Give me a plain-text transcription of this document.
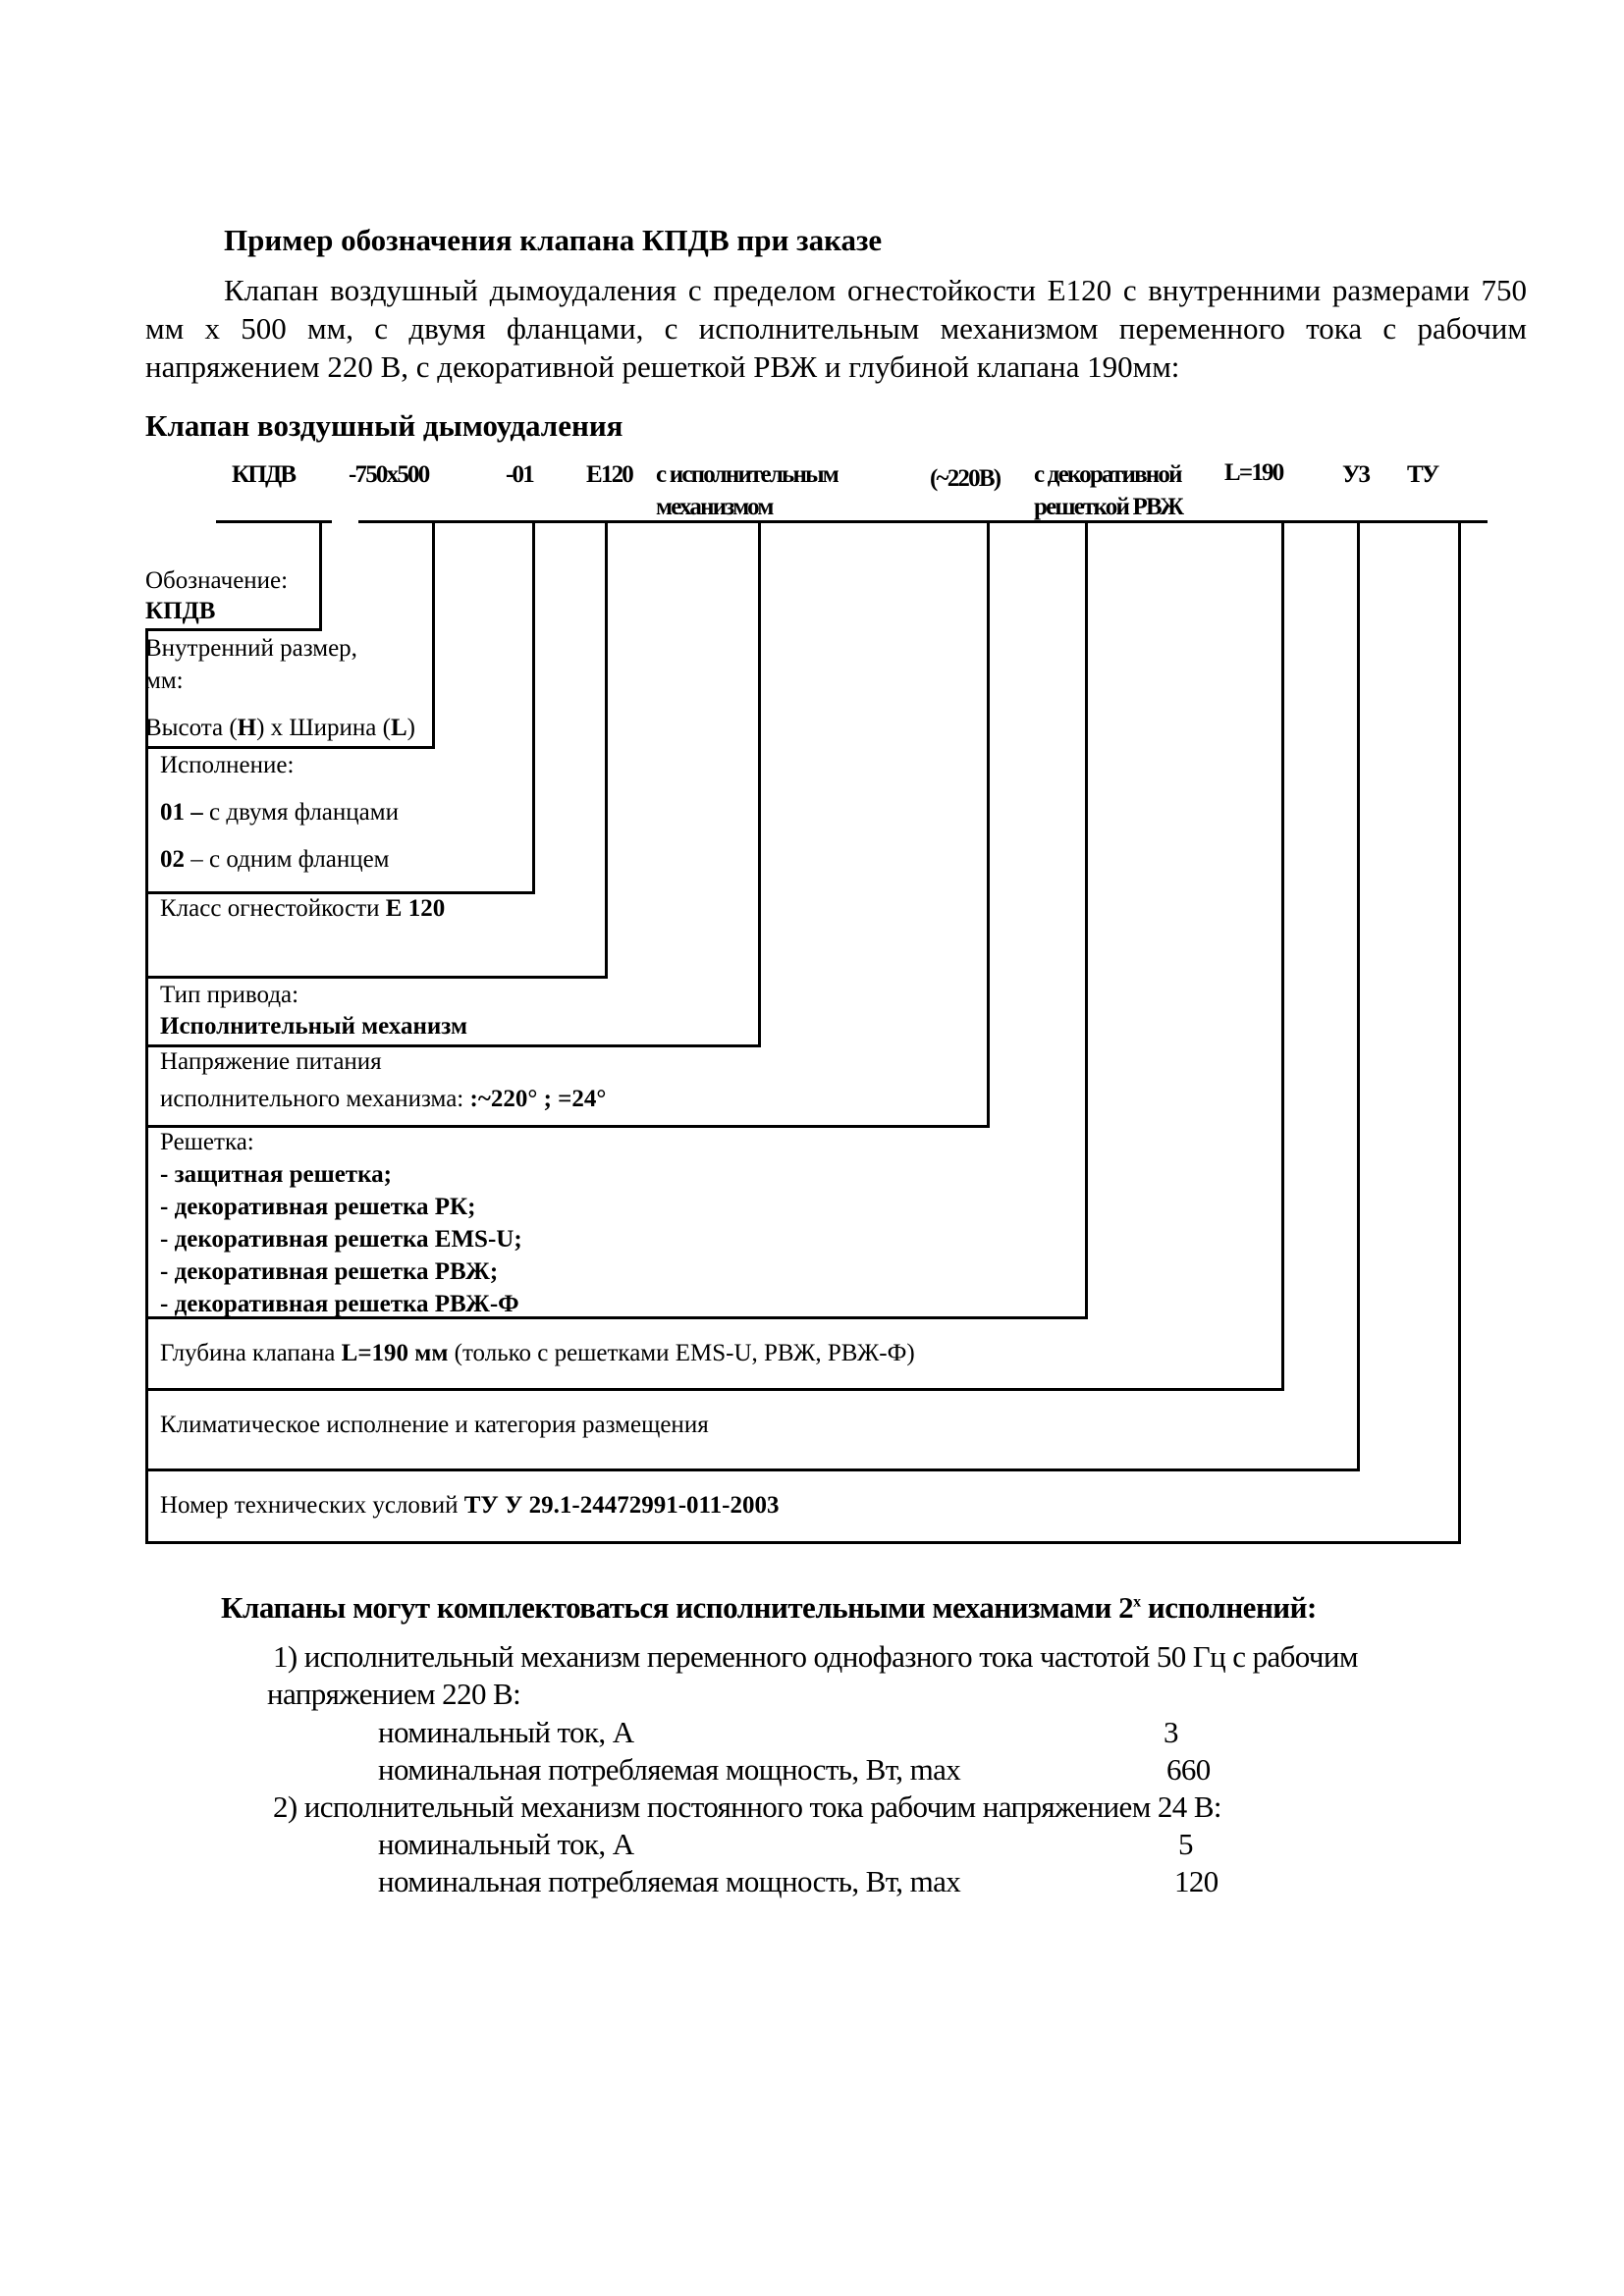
Пример обозначения клапана КПДВ при заказе
Клапан воздушный дымоудаления с пределом огнестойкости Е120 с внутренними размерами 750 мм х 500 мм, с двумя фланцами, с исполнительным механизмом переменного тока с рабочим напряжением 220 В, с декоративной решеткой РВЖ и глубиной клапана 190мм:
Клапан воздушный дымоудаления
КПДВ -750x500	-01 Е120 с исполнительным
механизмом
(~220В) с декоративной
решеткой РВЖ
L=190 У3 ТУ
Обозначение:
КПДВ
Внутренний размер,
мм:
Высота (Н) х Ширина (L)
Исполнение:
01 – с двумя фланцами
02 – с одним фланцем
Класс огнестойкости Е 120
Тип привода:
Исполнительный механизм
Напряжение питания
исполнительного механизма: :~220° ; =24°
Решетка:
- защитная решетка;
- декоративная решетка РК;
- декоративная решетка EMS-U;
- декоративная решетка РВЖ;
- декоративная решетка РВЖ-Ф
Глубина клапана L=190 мм (только с решетками EMS-U, РВЖ, РВЖ-Ф)
Климатическое исполнение и категория размещения
Номер технических условий ТУ У 29.1-24472991-011-2003
Клапаны могут комплектоваться исполнительными механизмами $2^х$ исполнений:
1) исполнительный механизм переменного однофазного тока частотой 50 Гц с рабочим
напряжением 220 В:
номинальный ток, А	3
номинальная потребляемая мощность, Вт, max	660
2) исполнительный механизм постоянного тока рабочим напряжением 24 В:
номинальный ток, А	5
номинальная потребляемая мощность, Вт, max	120
